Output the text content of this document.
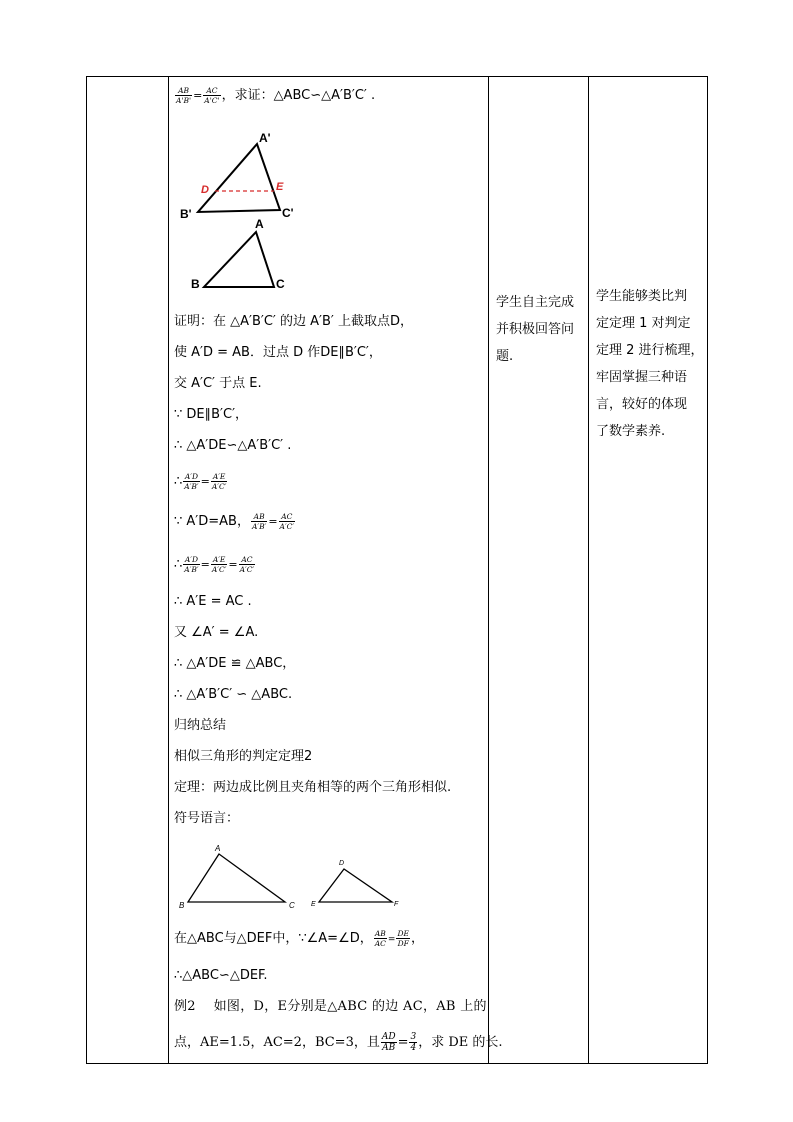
$\frac{AB}{A'B'} = \frac{AC}{A'C'}$ ，求证：△ABC∽△A′B′C′ .
A'
B'	C'
D	E
A
B	C
证明：在 △A′B′C′ 的边 A′B′ 上截取点D，
使 A′D = AB．过点 D 作DE∥B′C′，
交 A′C′ 于点 E.
∵ DE∥B′C′，
∴ △A′DE∽△A′B′C′ .
∴ $\frac{A'D}{A'B'} = \frac{A'E}{A'C'}$
∵ A′D=AB， $\frac{AB}{A'B'} = \frac{AC}{A'C'}$
∴ $\frac{A'D}{A'B'} = \frac{A'E}{A'C'} = \frac{AC}{A'C'}$
∴ A′E = AC .
又 ∠A′ = ∠A.
∴ △A′DE ≌ △ABC，
∴ △A′B′C′ ∽ △ABC.
归纳总结
相似三角形的判定定理2
定理：两边成比例且夹角相等的两个三角形相似.
符号语言：
A
B	C
D
E	F
在△ABC与△DEF中，∵∠A=∠D， $\frac{AB}{AC} = \frac{DE}{DF}$ ，
∴△ABC∽△DEF.
例2　 如图，D，E分别是△ABC 的边 AC，AB 上的
点，AE=1.5，AC=2，BC=3，且 $\frac{AD}{AB} = \frac{3}{4}$ ，求 DE 的长.
学生自主完成
并积极回答问
题.
学生能够类比判
定定理 1 对判定
定理 2 进行梳理，
牢固掌握三种语
言，较好的体现
了数学素养.
